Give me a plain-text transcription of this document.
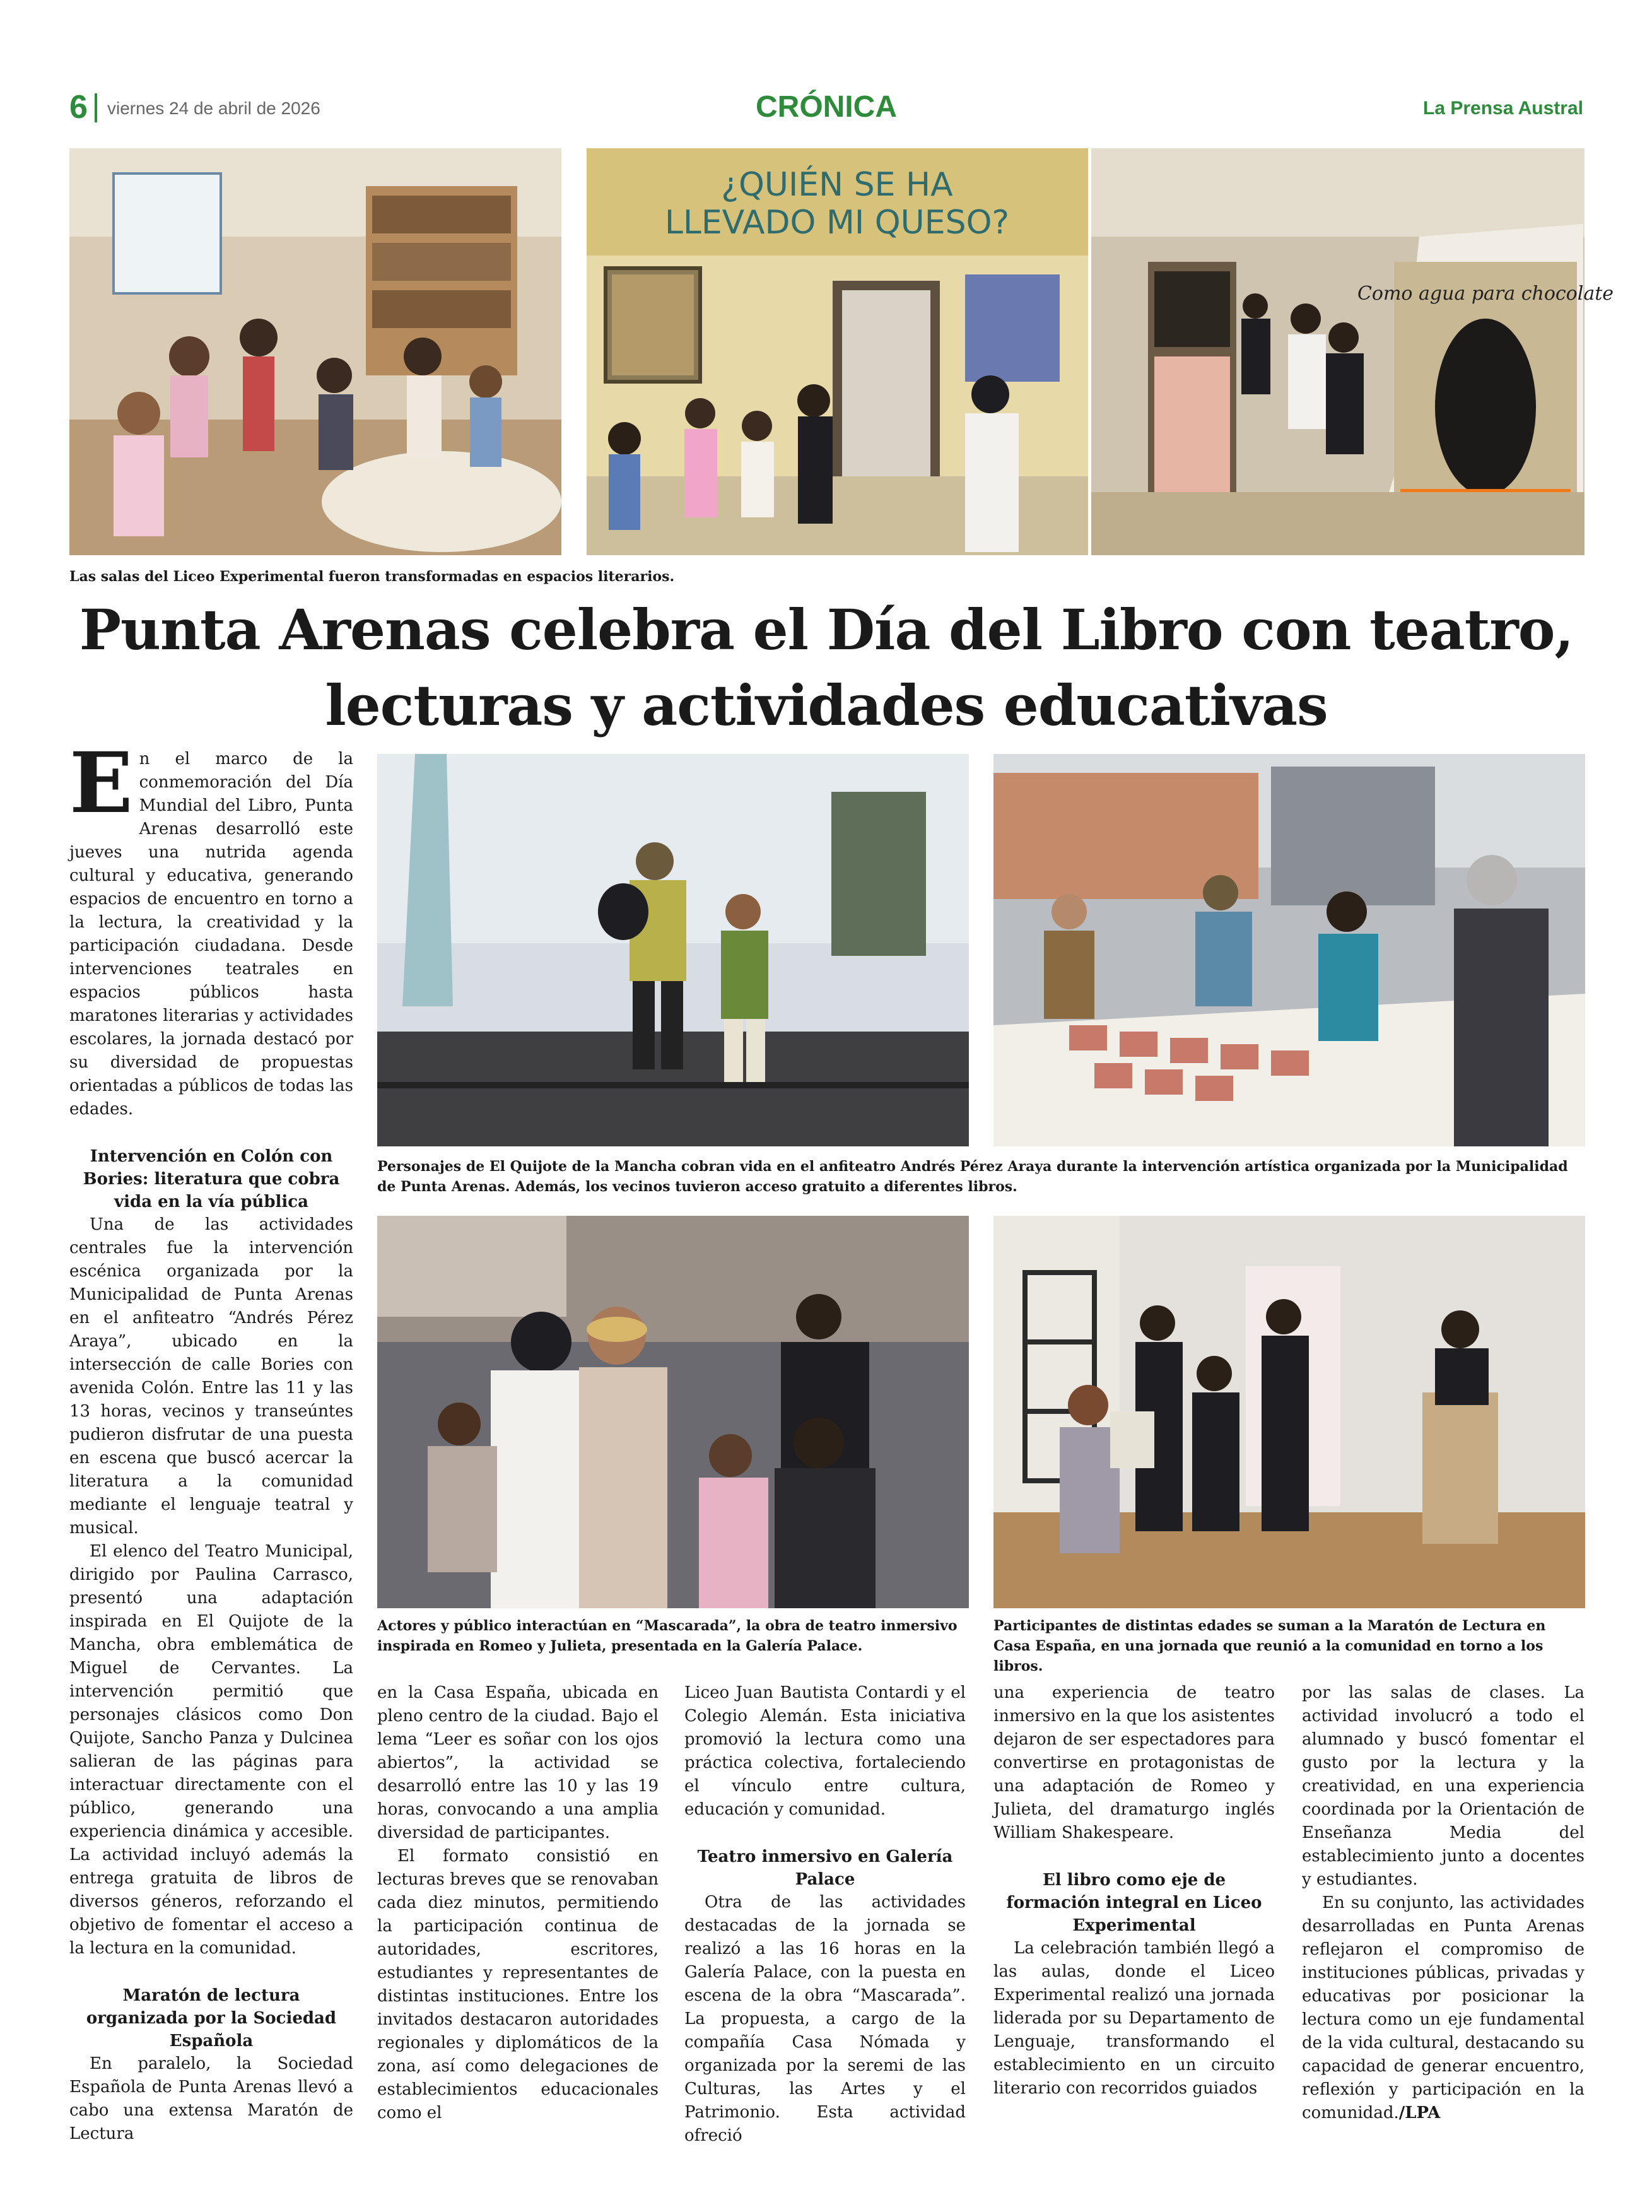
6 viernes 24 de abril de 2026	CRÓNICA	La Prensa Austral
¿QUIÉN SE HA
LLEVADO MI QUESO?
Como agua para chocolate
Las salas del Liceo Experimental fueron transformadas en espacios literarios.
Punta Arenas celebra el Día del Libro con teatro, lecturas y actividades educativas
Personajes de El Quijote de la Mancha cobran vida en el anfiteatro Andrés Pérez Araya durante la intervención artística organizada por la Municipalidad de Punta Arenas. Además, los vecinos tuvieron acceso gratuito a diferentes libros.
Actores y público interactúan en “Mascarada”, la obra de teatro inmersivo inspirada en Romeo y Julieta, presentada en la Galería Palace.
Participantes de distintas edades se suman a la Maratón de Lectura en Casa España, en una jornada que reunió a la comunidad en torno a los libros.

En el marco de la conmemoración del Día Mundial del Libro, Punta Arenas desarrolló este jueves una nutrida agenda cultural y educativa, generando espacios de encuentro en torno a la lectura, la creatividad y la participación ciudadana. Desde intervenciones teatrales en espacios públicos hasta maratones literarias y actividades escolares, la jornada destacó por su diversidad de propuestas orientadas a públicos de todas las edades.

Intervención en Colón con Bories: literatura que cobra vida en la vía pública

Una de las actividades centrales fue la intervención escénica organizada por la Municipalidad de Punta Arenas en el anfiteatro “Andrés Pérez Araya”, ubicado en la intersección de calle Bories con avenida Colón. Entre las 11 y las 13 horas, vecinos y transeúntes pudieron disfrutar de una puesta en escena que buscó acercar la literatura a la comunidad mediante el lenguaje teatral y musical.

El elenco del Teatro Municipal, dirigido por Paulina Carrasco, presentó una adaptación inspirada en El Quijote de la Mancha, obra emblemática de Miguel de Cervantes. La intervención permitió que personajes clásicos como Don Quijote, Sancho Panza y Dulcinea salieran de las páginas para interactuar directamente con el público, generando una experiencia dinámica y accesible. La actividad incluyó además la entrega gratuita de libros de diversos géneros, reforzando el objetivo de fomentar el acceso a la lectura en la comunidad.

Maratón de lectura organizada por la Sociedad Española

En paralelo, la Sociedad Española de Punta Arenas llevó a cabo una extensa Maratón de Lectura

en la Casa España, ubicada en pleno centro de la ciudad. Bajo el lema “Leer es soñar con los ojos abiertos”, la actividad se desarrolló entre las 10 y las 19 horas, convocando a una amplia diversidad de participantes.

El formato consistió en lecturas breves que se renovaban cada diez minutos, permitiendo la participación continua de autoridades, escritores, estudiantes y representantes de distintas instituciones. Entre los invitados destacaron autoridades regionales y diplomáticos de la zona, así como delegaciones de establecimientos educacionales como el

Liceo Juan Bautista Contardi y el Colegio Alemán. Esta iniciativa promovió la lectura como una práctica colectiva, fortaleciendo el vínculo entre cultura, educación y comunidad.

Teatro inmersivo en Galería Palace

Otra de las actividades destacadas de la jornada se realizó a las 16 horas en la Galería Palace, con la puesta en escena de la obra “Mascarada”. La propuesta, a cargo de la compañía Casa Nómada y organizada por la seremi de las Culturas, las Artes y el Patrimonio. Esta actividad ofreció

una experiencia de teatro inmersivo en la que los asistentes dejaron de ser espectadores para convertirse en protagonistas de una adaptación de Romeo y Julieta, del dramaturgo inglés William Shakespeare.

El libro como eje de formación integral en Liceo Experimental

La celebración también llegó a las aulas, donde el Liceo Experimental realizó una jornada liderada por su Departamento de Lenguaje, transformando el establecimiento en un circuito literario con recorridos guiados

por las salas de clases. La actividad involucró a todo el alumnado y buscó fomentar el gusto por la lectura y la creatividad, en una experiencia coordinada por la Orientación de Enseñanza Media del establecimiento junto a docentes y estudiantes.

En su conjunto, las actividades desarrolladas en Punta Arenas reflejaron el compromiso de instituciones públicas, privadas y educativas por posicionar la lectura como un eje fundamental de la vida cultural, destacando su capacidad de generar encuentro, reflexión y participación en la comunidad./LPA
